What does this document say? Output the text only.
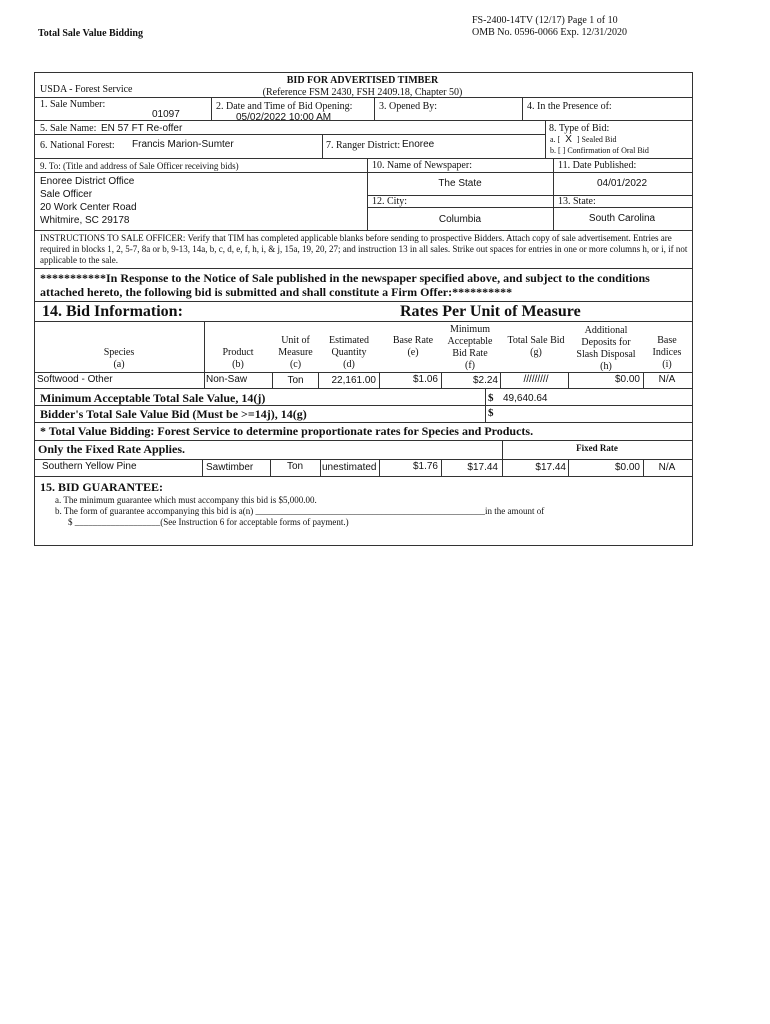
FS-2400-14TV (12/17) Page 1 of 10
OMB No. 0596-0066 Exp. 12/31/2020
Total Sale Value Bidding
BID FOR ADVERTISED TIMBER
(Reference FSM 2430, FSH 2409.18, Chapter 50)
USDA - Forest Service
1. Sale Number:
01097
2. Date and Time of Bid Opening:
05/02/2022 10:00 AM
3. Opened By:	4. In the Presence of:
5. Sale Name: EN 57 FT Re-offer	8. Type of Bid:
a. [ X ] Sealed Bid
b. [ ] Confirmation of Oral Bid
6. National Forest: Francis Marion-Sumter	7. Ranger District: Enoree
9. To: (Title and address of Sale Officer receiving bids)
Enoree District Office
Sale Officer
20 Work Center Road
Whitmire, SC 29178
10. Name of Newspaper:
The State
11. Date Published:
04/01/2022
12. City:
Columbia
13. State:
South Carolina
INSTRUCTIONS TO SALE OFFICER: Verify that TIM has completed applicable blanks before sending to prospective Bidders. Attach copy of sale advertisement. Entries are required in blocks 1, 2, 5-7, 8a or b, 9-13, 14a, b, c, d, e, f, h, i, & j, 15a, 19, 20, 27; and instruction 13 in all sales. Strike out spaces for entries in one or more columns h, or i, if not applicable to the sale.
***********In Response to the Notice of Sale published in the newspaper specified above, and subject to the conditions
attached hereto, the following bid is submitted and shall constitute a Firm Offer:**********
14. Bid Information:	Rates Per Unit of Measure
Species
(a)
Product
(b)
Unit of Measure
(c)
Estimated Quantity
(d)
Base Rate
(e)
Minimum Acceptable Bid Rate
(f)
Total Sale Bid
(g)
Additional Deposits for Slash Disposal
(h)
Base Indices
(i)
Softwood - Other	Non-Saw	Ton	22,161.00	$1.06	$2.24	/////////	$0.00	N/A
Minimum Acceptable Total Sale Value, 14(j)	$ 49,640.64
Bidder's Total Sale Value Bid (Must be >=14j), 14(g)	$
* Total Value Bidding: Forest Service to determine proportionate rates for Species and Products.
Only the Fixed Rate Applies.	Fixed Rate
Southern Yellow Pine	Sawtimber	Ton	unestimated	$1.76	$17.44	$17.44	$0.00	N/A
15. BID GUARANTEE:
a. The minimum guarantee which must accompany this bid is $5,000.00.
b. The form of guarantee accompanying this bid is a(n) ___________________________________________________in the amount of
$ ___________________(See Instruction 6 for acceptable forms of payment.)
